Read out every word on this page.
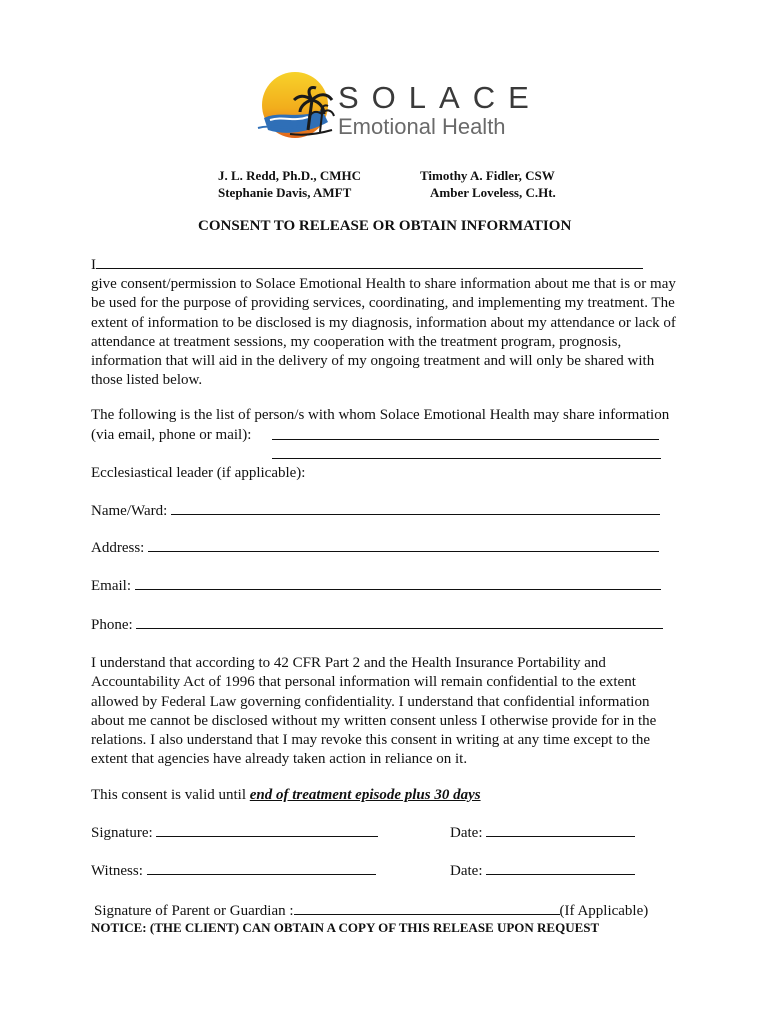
SOLACE
Emotional Health
J. L. Redd, Ph.D., CMHC
Stephanie Davis, AMFT
Timothy A. Fidler, CSW
Amber Loveless, C.Ht.
CONSENT TO RELEASE OR OBTAIN INFORMATION
I
give consent/permission to Solace Emotional Health to share information about me that is or may
be used for the purpose of providing services, coordinating, and implementing my treatment. The
extent of information to be disclosed is my diagnosis, information about my attendance or lack of
attendance at treatment sessions, my cooperation with the treatment program, prognosis,
information that will aid in the delivery of my ongoing treatment and will only be shared with
those listed below.
The following is the list of person/s with whom Solace Emotional Health may share information
(via email, phone or mail):
Ecclesiastical leader (if applicable):
Name/Ward:
Address:
Email:
Phone:
I understand that according to 42 CFR Part 2 and the Health Insurance Portability and
Accountability Act of 1996 that personal information will remain confidential to the extent
allowed by Federal Law governing confidentiality. I understand that confidential information
about me cannot be disclosed without my written consent unless I otherwise provide for in the
relations. I also understand that I may revoke this consent in writing at any time except to the
extent that agencies have already taken action in reliance on it.
This consent is valid until end of treatment episode plus 30 days
Signature:	Date:
Witness:	Date:
Signature of Parent or Guardian :	(If Applicable)
NOTICE: (THE CLIENT) CAN OBTAIN A COPY OF THIS RELEASE UPON REQUEST
